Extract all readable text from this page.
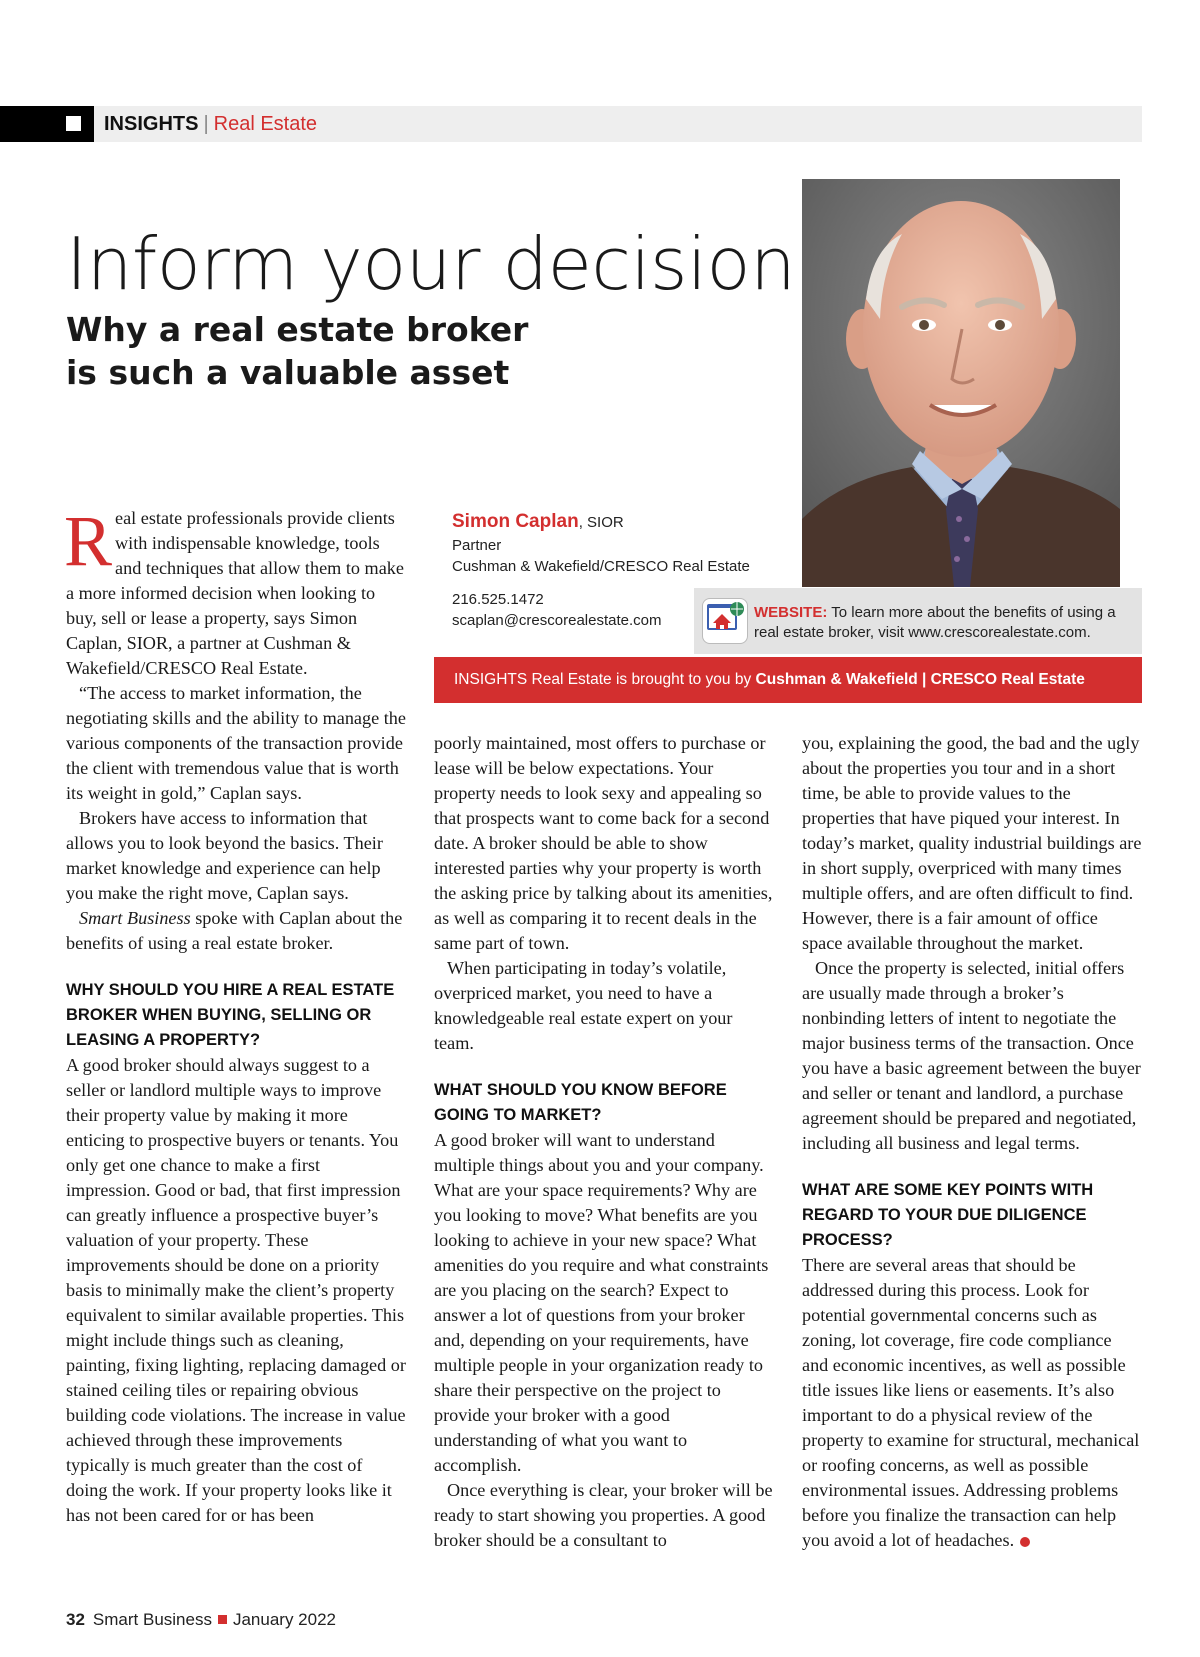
INSIGHTS | Real Estate
Inform your decision
Why a real estate broker is such a valuable asset
Simon Caplan, SIOR
Partner
Cushman & Wakefield/CRESCO Real Estate
216.525.1472
scaplan@crescorealestate.com	WEBSITE: To learn more about the benefits of using a real estate broker, visit www.crescorealestate.com.
INSIGHTS Real Estate is brought to you by Cushman & Wakefield | CRESCO Real Estate

Real estate professionals provide clients with indispensable knowledge, tools and techniques that allow them to make a more informed decision when looking to buy, sell or lease a property, says Simon Caplan, SIOR, a partner at Cushman & Wakefield/CRESCO Real Estate.

“The access to market information, the negotiating skills and the ability to manage the various components of the transaction provide the client with tremendous value that is worth its weight in gold,” Caplan says.

Brokers have access to information that allows you to look beyond the basics. Their market knowledge and experience can help you make the right move, Caplan says.

Smart Business spoke with Caplan about the benefits of using a real estate broker.

WHY SHOULD YOU HIRE A REAL ESTATE BROKER WHEN BUYING, SELLING OR LEASING A PROPERTY?

A good broker should always suggest to a seller or landlord multiple ways to improve their property value by making it more enticing to prospective buyers or tenants. You only get one chance to make a first impression. Good or bad, that first impression can greatly influence a prospective buyer’s valuation of your property. These improvements should be done on a priority basis to minimally make the client’s property equivalent to similar available properties. This might include things such as cleaning, painting, fixing lighting, replacing damaged or stained ceiling tiles or repairing obvious building code violations. The increase in value achieved through these improvements typically is much greater than the cost of doing the work. If your property looks like it has not been cared for or has been

poorly maintained, most offers to purchase or lease will be below expectations. Your property needs to look sexy and appealing so that prospects want to come back for a second date. A broker should be able to show interested parties why your property is worth the asking price by talking about its amenities, as well as comparing it to recent deals in the same part of town.

When participating in today’s volatile, overpriced market, you need to have a knowledgeable real estate expert on your team.

WHAT SHOULD YOU KNOW BEFORE GOING TO MARKET?

A good broker will want to understand multiple things about you and your company. What are your space requirements? Why are you looking to move? What benefits are you looking to achieve in your new space? What amenities do you require and what constraints are you placing on the search? Expect to answer a lot of questions from your broker and, depending on your requirements, have multiple people in your organization ready to share their perspective on the project to provide your broker with a good understanding of what you want to accomplish.

Once everything is clear, your broker will be ready to start showing you properties. A good broker should be a consultant to

you, explaining the good, the bad and the ugly about the properties you tour and in a short time, be able to provide values to the properties that have piqued your interest. In today’s market, quality industrial buildings are in short supply, overpriced with many times multiple offers, and are often difficult to find. However, there is a fair amount of office space available throughout the market.

Once the property is selected, initial offers are usually made through a broker’s nonbinding letters of intent to negotiate the major business terms of the transaction. Once you have a basic agreement between the buyer and seller or tenant and landlord, a purchase agreement should be prepared and negotiated, including all business and legal terms.

WHAT ARE SOME KEY POINTS WITH REGARD TO YOUR DUE DILIGENCE PROCESS?

There are several areas that should be addressed during this process. Look for potential governmental concerns such as zoning, lot coverage, fire code compliance and economic incentives, as well as possible title issues like liens or easements. It’s also important to do a physical review of the property to examine for structural, mechanical or roofing concerns, as well as possible environmental issues. Addressing problems before you finalize the transaction can help you avoid a lot of headaches.

32 Smart Business January 2022
